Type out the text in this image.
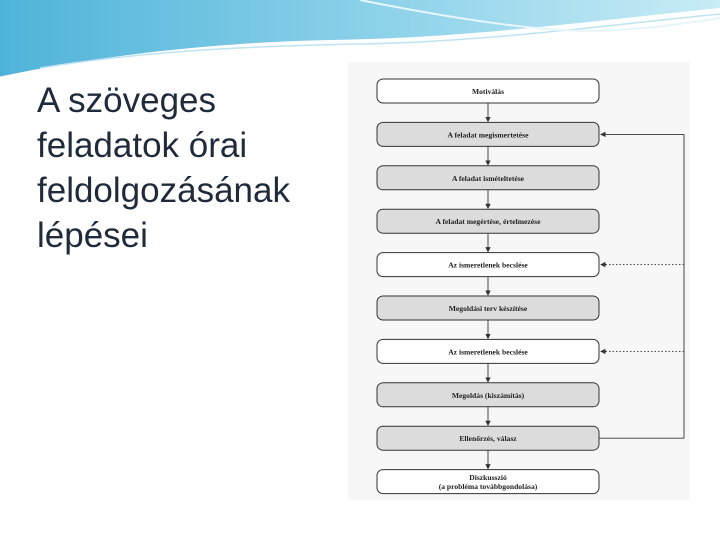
A szöveges
feladatok órai
feldolgozásának
lépései
Motiválás
A feladat megismertetése
A feladat ismételtetése
A feladat megértése, értelmezése
Az ismeretlenek becslése
Megoldási terv készítése
Az ismeretlenek becslése
Megoldás (kiszámítás)
Ellenőrzés, válasz
Diszkusszió
(a probléma továbbgondolása)
